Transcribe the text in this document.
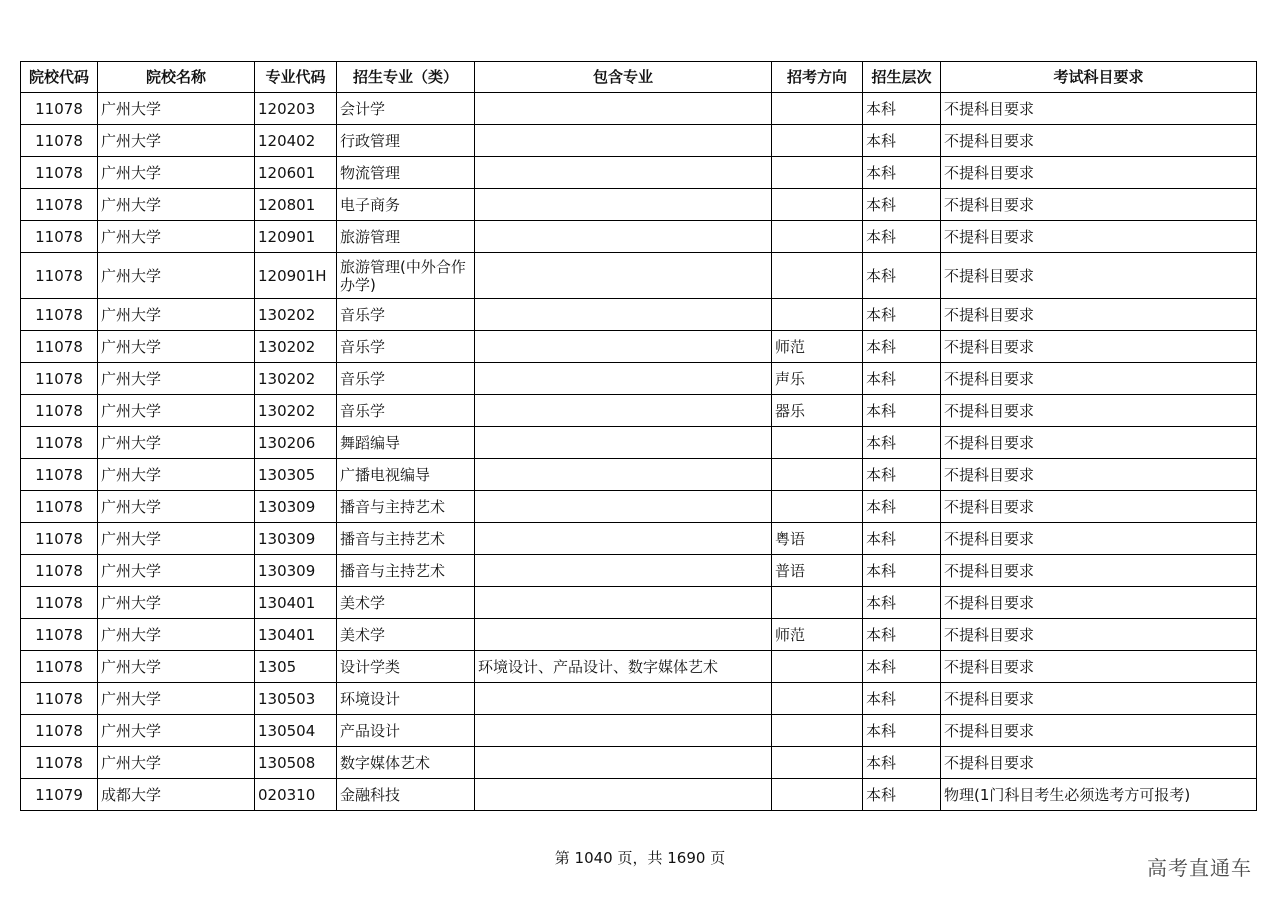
院校代码	院校名称	专业代码	招生专业（类）	包含专业	招考方向	招生层次	考试科目要求
11078	广州大学	120203	会计学			本科	不提科目要求
11078	广州大学	120402	行政管理			本科	不提科目要求
11078	广州大学	120601	物流管理			本科	不提科目要求
11078	广州大学	120801	电子商务			本科	不提科目要求
11078	广州大学	120901	旅游管理			本科	不提科目要求
11078	广州大学	120901H	旅游管理(中外合作办学)			本科	不提科目要求
11078	广州大学	130202	音乐学			本科	不提科目要求
11078	广州大学	130202	音乐学		师范	本科	不提科目要求
11078	广州大学	130202	音乐学		声乐	本科	不提科目要求
11078	广州大学	130202	音乐学		器乐	本科	不提科目要求
11078	广州大学	130206	舞蹈编导			本科	不提科目要求
11078	广州大学	130305	广播电视编导			本科	不提科目要求
11078	广州大学	130309	播音与主持艺术			本科	不提科目要求
11078	广州大学	130309	播音与主持艺术		粤语	本科	不提科目要求
11078	广州大学	130309	播音与主持艺术		普语	本科	不提科目要求
11078	广州大学	130401	美术学			本科	不提科目要求
11078	广州大学	130401	美术学		师范	本科	不提科目要求
11078	广州大学	1305	设计学类	环境设计、产品设计、数字媒体艺术		本科	不提科目要求
11078	广州大学	130503	环境设计			本科	不提科目要求
11078	广州大学	130504	产品设计			本科	不提科目要求
11078	广州大学	130508	数字媒体艺术			本科	不提科目要求
11079	成都大学	020310	金融科技			本科	物理(1门科目考生必须选考方可报考)
第 1040 页，共 1690 页	高考直通车
